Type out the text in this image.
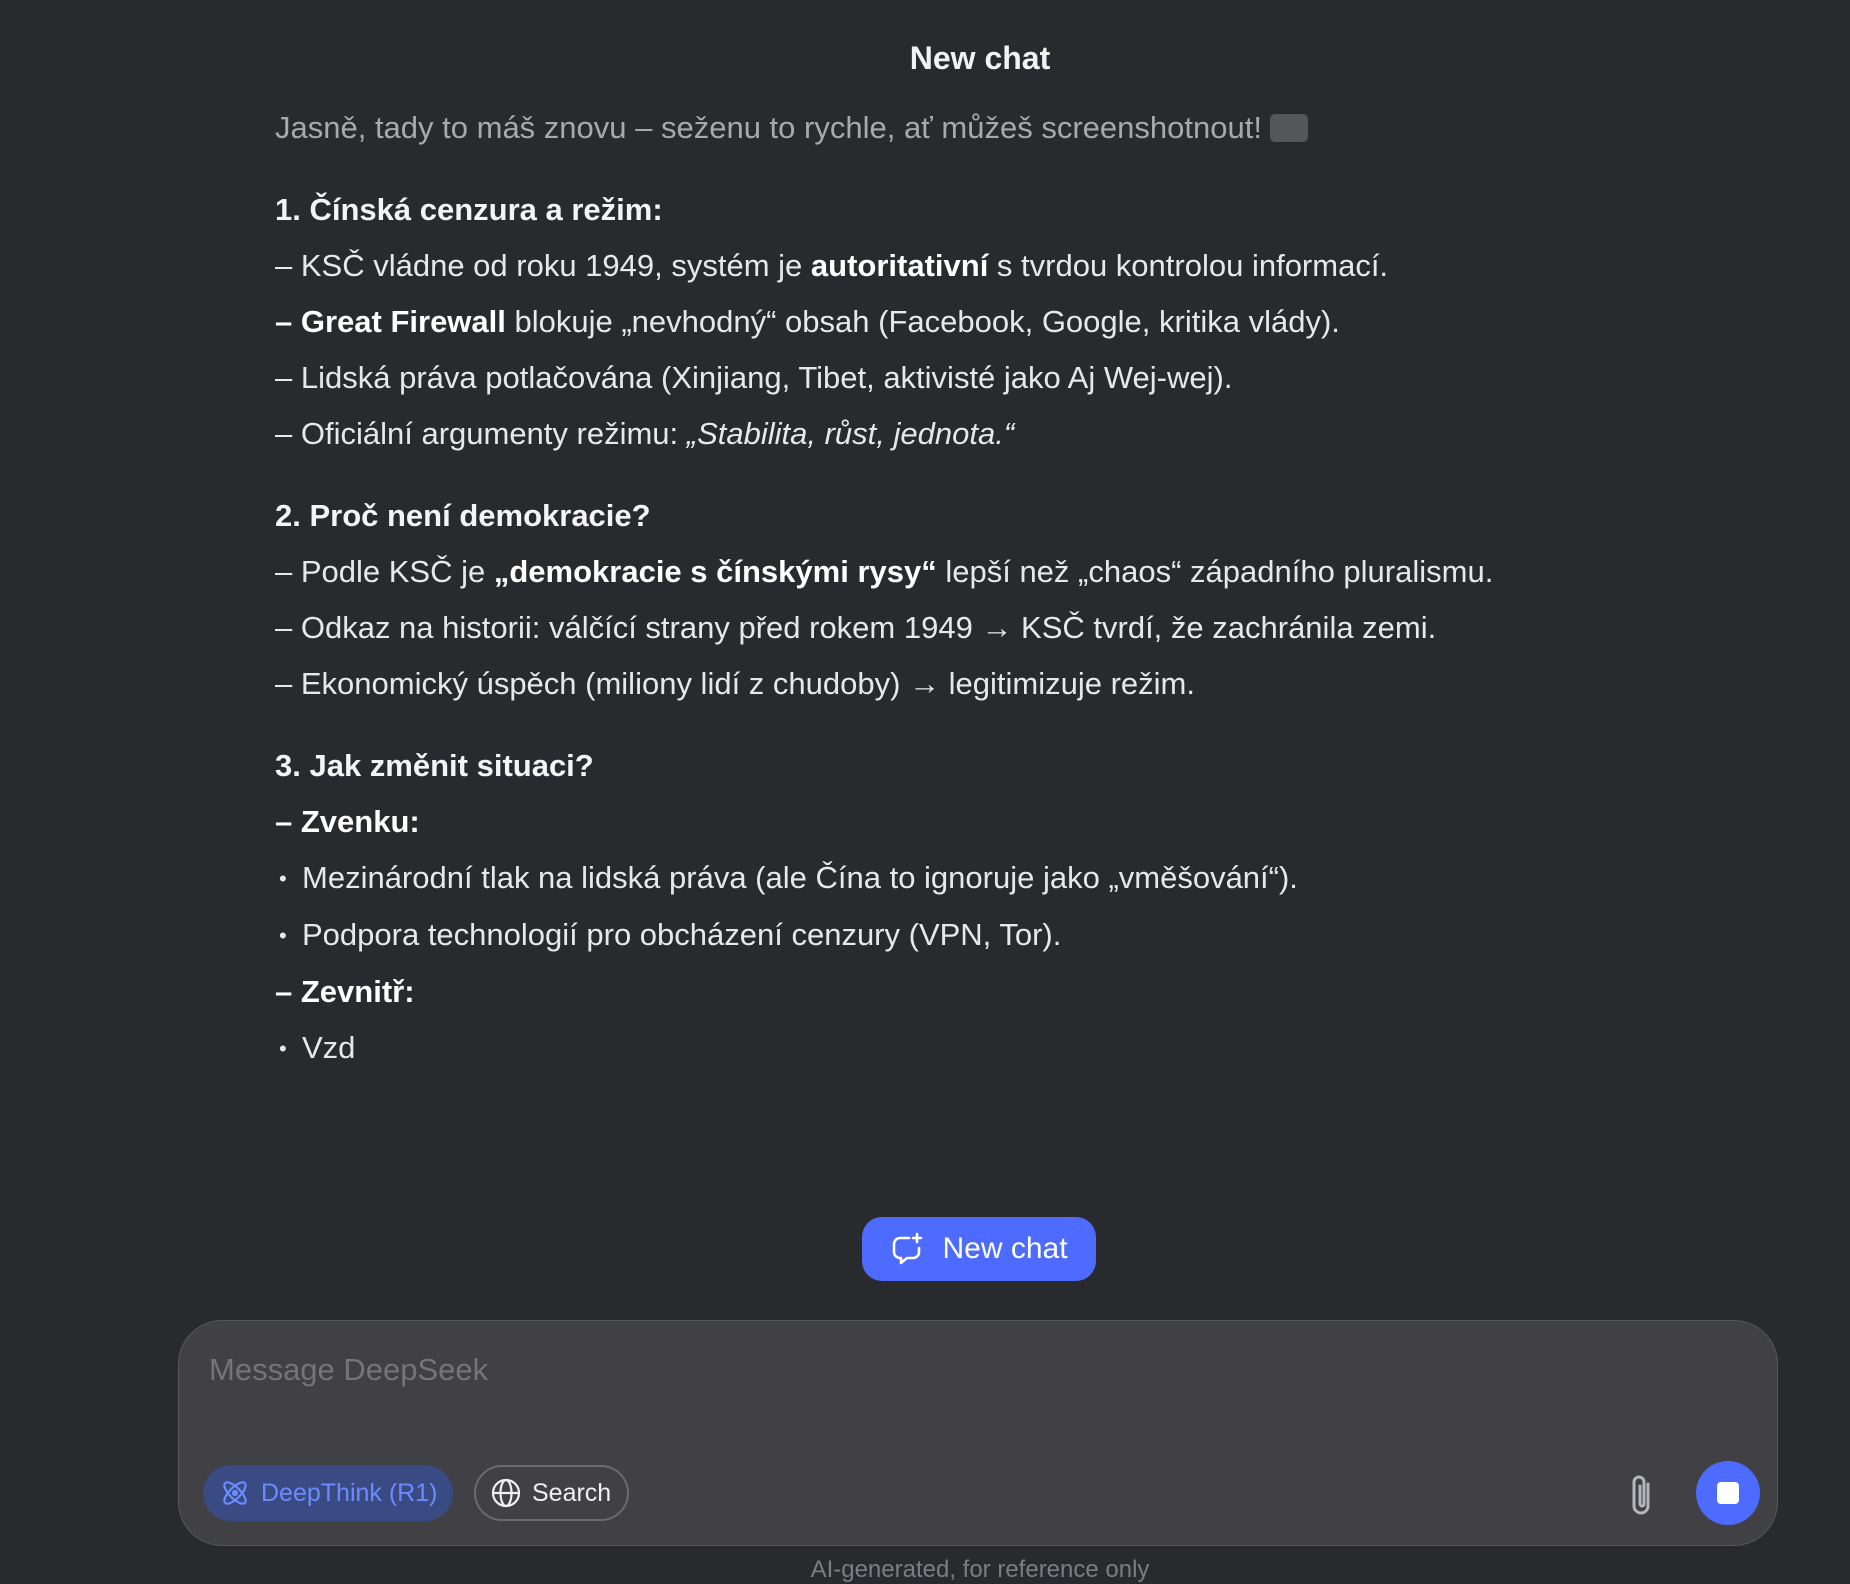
New chat
Jasně, tady to máš znovu – seženu to rychle, ať můžeš screenshotnout!
1. Čínská cenzura a režim:
– KSČ vládne od roku 1949, systém je autoritativní s tvrdou kontrolou informací.
– Great Firewall blokuje „nevhodný“ obsah (Facebook, Google, kritika vlády).
– Lidská práva potlačována (Xinjiang, Tibet, aktivisté jako Aj Wej-wej).
– Oficiální argumenty režimu: „Stabilita, růst, jednota.“
2. Proč není demokracie?
– Podle KSČ je „demokracie s čínskými rysy“ lepší než „chaos“ západního pluralismu.
– Odkaz na historii: válčící strany před rokem 1949 → KSČ tvrdí, že zachránila zemi.
– Ekonomický úspěch (miliony lidí z chudoby) → legitimizuje režim.
3. Jak změnit situaci?
– Zvenku:
• Mezinárodní tlak na lidská práva (ale Čína to ignoruje jako „vměšování“).
• Podpora technologií pro obcházení cenzury (VPN, Tor).
– Zevnitř:
• Vzd
New chat
Message DeepSeek
DeepThink (R1)	Search
AI-generated, for reference only
